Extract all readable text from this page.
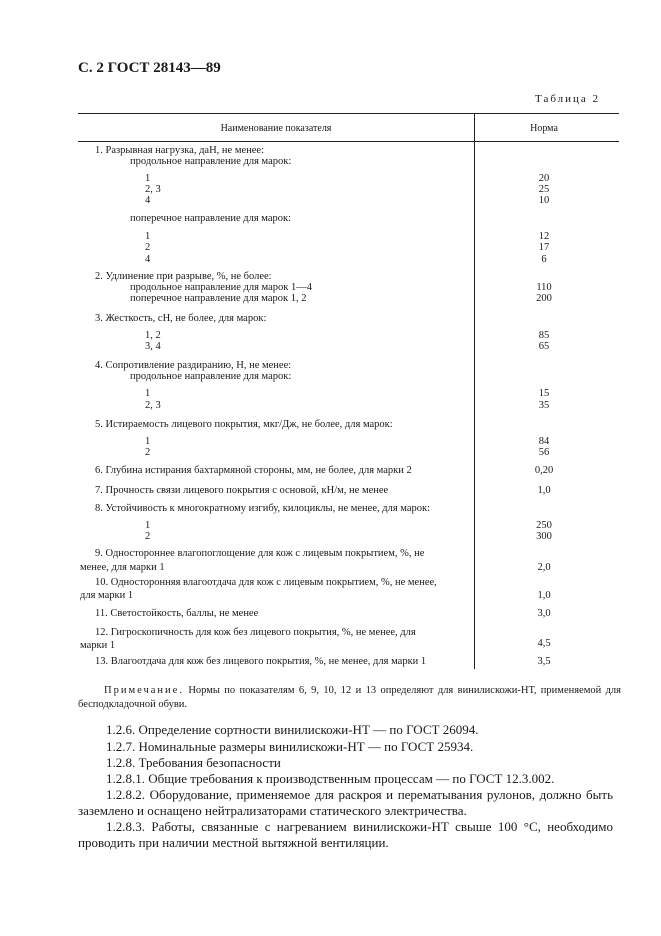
С. 2 ГОСТ 28143—89
Таблица 2
Наименование показателя	Норма
1. Разрывная нагрузка, даН, не менее:
продольное направление для марок:
1	20
2, 3	25
4	10
поперечное направление для марок:
1	12
2	17
4	6
2. Удлинение при разрыве, %, не более:
продольное направление для марок 1—4	110
поперечное направление для марок 1, 2	200
3. Жесткость, сН, не более, для марок:
1, 2	85
3, 4	65
4. Сопротивление раздиранию, Н, не менее:
продольное направление для марок:
1	15
2, 3	35
5. Истираемость лицевого покрытия, мкг/Дж, не более, для марок:
1	84
2	56
6. Глубина истирания бахтармяной стороны, мм, не более, для марки 2	0,20
7. Прочность связи лицевого покрытия с основой, кН/м, не менее	1,0
8. Устойчивость к многократному изгибу, килоциклы, не менее, для марок:
1	250
2	300
9. Одностороннее влагопоглощение для кож с лицевым покрытием, %, не
менее, для марки 1	2,0
10. Односторонняя влагоотдача для кож с лицевым покрытием, %, не менее,
для марки 1	1,0
11. Светостойкость, баллы, не менее	3,0
12. Гигроскопичность для кож без лицевого покрытия, %, не менее, для
марки 1	4,5
13. Влагоотдача для кож без лицевого покрытия, %, не менее, для марки 1	3,5
Примечание. Нормы по показателям 6, 9, 10, 12 и 13 определяют для винилискожи-НТ, применяемой для бесподкладочной обуви.
1.2.6. Определение сортности винилискожи-НТ — по ГОСТ 26094.
1.2.7. Номинальные размеры винилискожи-НТ — по ГОСТ 25934.
1.2.8. Требования безопасности
1.2.8.1. Общие требования к производственным процессам — по ГОСТ 12.3.002.
1.2.8.2. Оборудование, применяемое для раскроя и перематывания рулонов, должно быть заземлено и оснащено нейтрализаторами статического электричества.
1.2.8.3. Работы, связанные с нагреванием винилискожи-НТ свыше 100 °С, необходимо проводить при наличии местной вытяжной вентиляции.
